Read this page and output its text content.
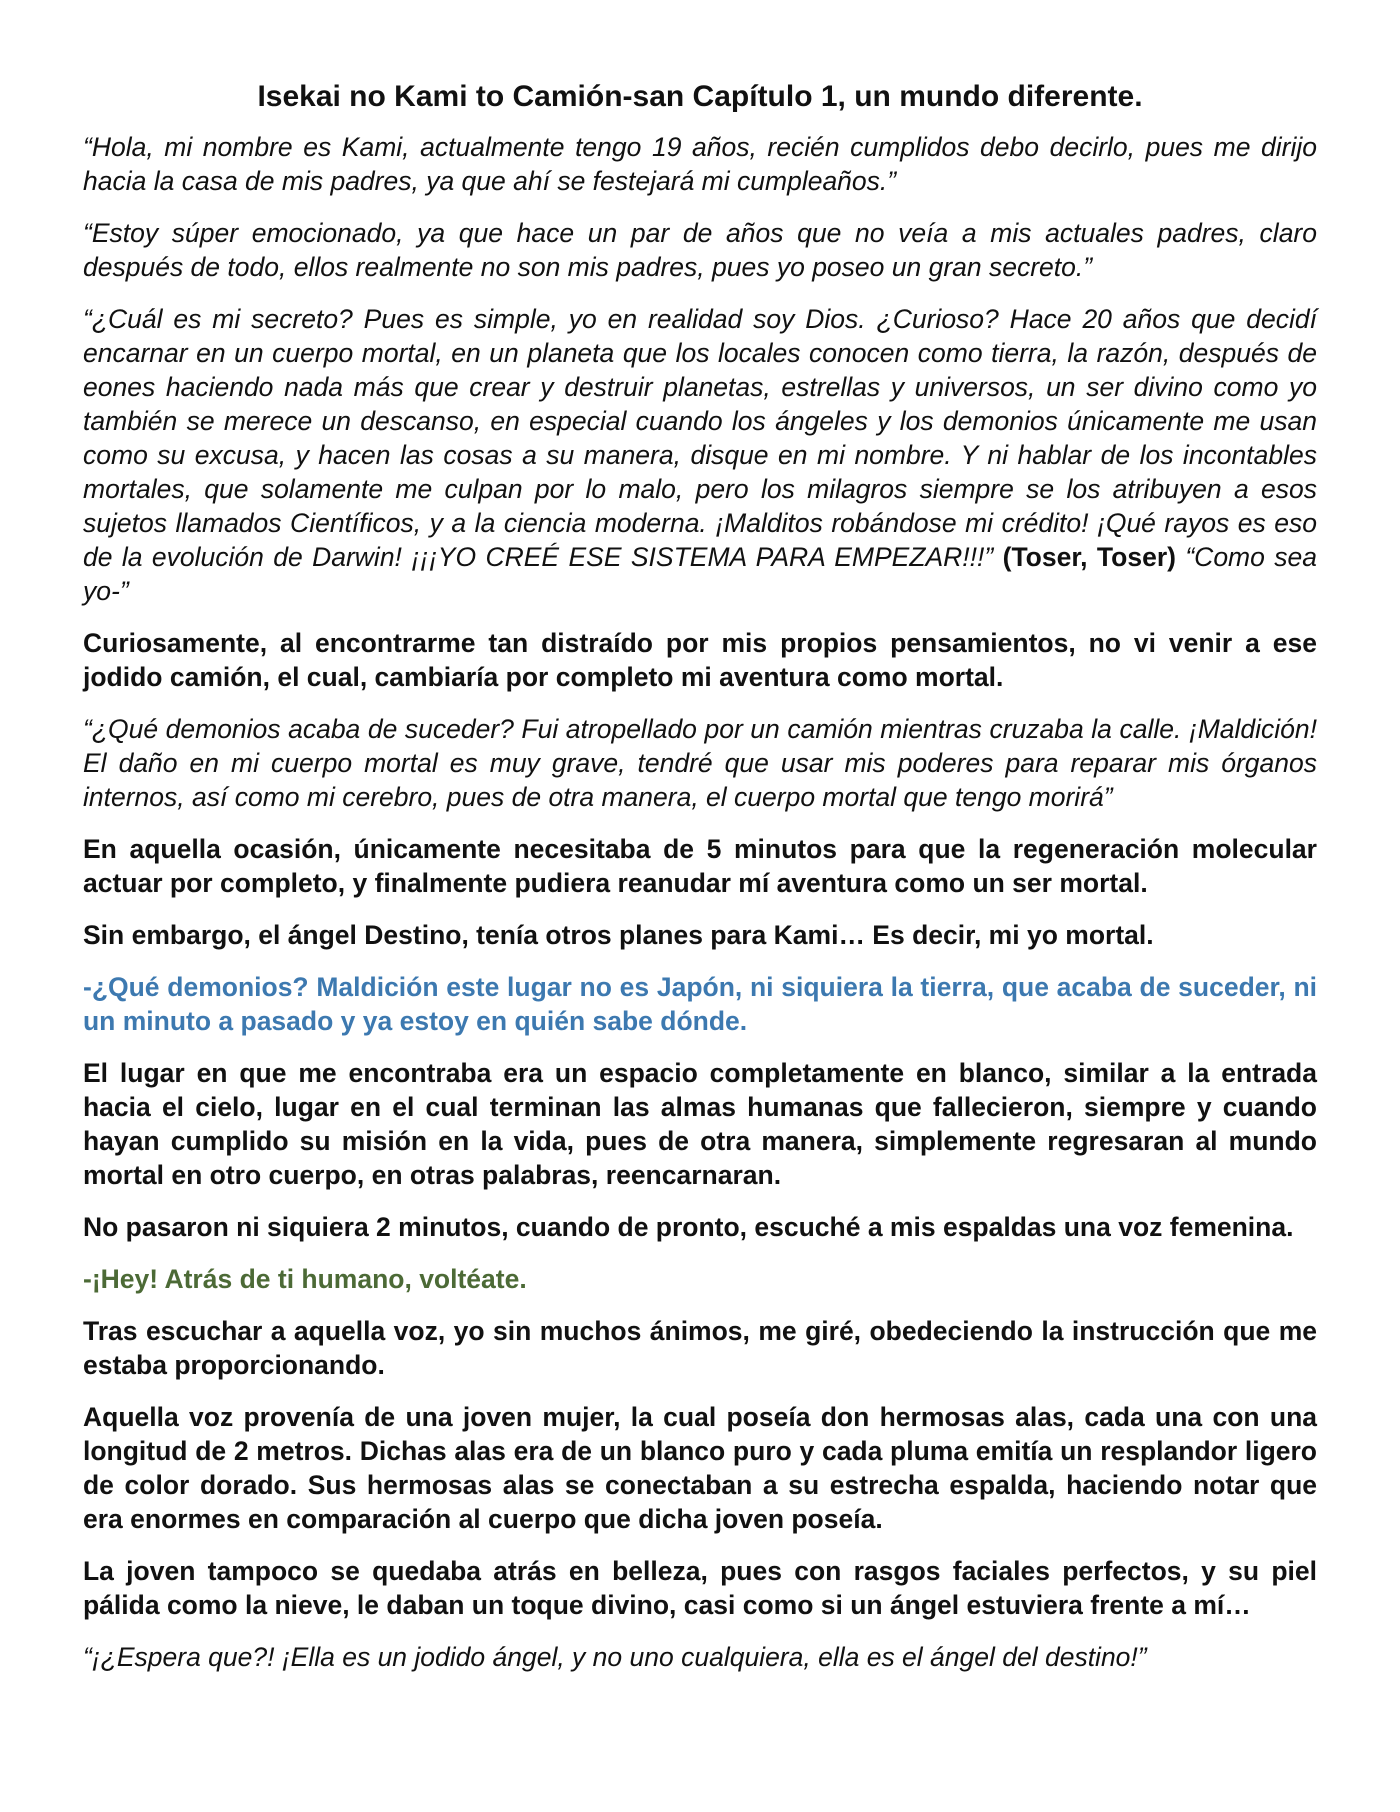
Isekai no Kami to Camión-san Capítulo 1, un mundo diferente.

“Hola, mi nombre es Kami, actualmente tengo 19 años, recién cumplidos debo decirlo, pues me dirijo hacia la casa de mis padres, ya que ahí se festejará mi cumpleaños.”

“Estoy súper emocionado, ya que hace un par de años que no veía a mis actuales padres, claro después de todo, ellos realmente no son mis padres, pues yo poseo un gran secreto.”

“¿Cuál es mi secreto? Pues es simple, yo en realidad soy Dios. ¿Curioso? Hace 20 años que decidí encarnar en un cuerpo mortal, en un planeta que los locales conocen como tierra, la razón, después de eones haciendo nada más que crear y destruir planetas, estrellas y universos, un ser divino como yo también se merece un descanso, en especial cuando los ángeles y los demonios únicamente me usan como su excusa, y hacen las cosas a su manera, disque en mi nombre. Y ni hablar de los incontables mortales, que solamente me culpan por lo malo, pero los milagros siempre se los atribuyen a esos sujetos llamados Científicos, y a la ciencia moderna. ¡Malditos robándose mi crédito! ¡Qué rayos es eso de la evolución de Darwin! ¡¡¡YO CREÉ ESE SISTEMA PARA EMPEZAR!!!” (Toser, Toser) “Como sea yo-”

Curiosamente, al encontrarme tan distraído por mis propios pensamientos, no vi venir a ese jodido camión, el cual, cambiaría por completo mi aventura como mortal.

“¿Qué demonios acaba de suceder? Fui atropellado por un camión mientras cruzaba la calle. ¡Maldición! El daño en mi cuerpo mortal es muy grave, tendré que usar mis poderes para reparar mis órganos internos, así como mi cerebro, pues de otra manera, el cuerpo mortal que tengo morirá”

En aquella ocasión, únicamente necesitaba de 5 minutos para que la regeneración molecular actuar por completo, y finalmente pudiera reanudar mí aventura como un ser mortal.

Sin embargo, el ángel Destino, tenía otros planes para Kami… Es decir, mi yo mortal.

-¿Qué demonios? Maldición este lugar no es Japón, ni siquiera la tierra, que acaba de suceder, ni un minuto a pasado y ya estoy en quién sabe dónde.

El lugar en que me encontraba era un espacio completamente en blanco, similar a la entrada hacia el cielo, lugar en el cual terminan las almas humanas que fallecieron, siempre y cuando hayan cumplido su misión en la vida, pues de otra manera, simplemente regresaran al mundo mortal en otro cuerpo, en otras palabras, reencarnaran.

No pasaron ni siquiera 2 minutos, cuando de pronto, escuché a mis espaldas una voz femenina.

-¡Hey! Atrás de ti humano, voltéate.

Tras escuchar a aquella voz, yo sin muchos ánimos, me giré, obedeciendo la instrucción que me estaba proporcionando.

Aquella voz provenía de una joven mujer, la cual poseía don hermosas alas, cada una con una longitud de 2 metros. Dichas alas era de un blanco puro y cada pluma emitía un resplandor ligero de color dorado. Sus hermosas alas se conectaban a su estrecha espalda, haciendo notar que era enormes en comparación al cuerpo que dicha joven poseía.

La joven tampoco se quedaba atrás en belleza, pues con rasgos faciales perfectos, y su piel pálida como la nieve, le daban un toque divino, casi como si un ángel estuviera frente a mí…

“¡¿Espera que?! ¡Ella es un jodido ángel, y no uno cualquiera, ella es el ángel del destino!”
